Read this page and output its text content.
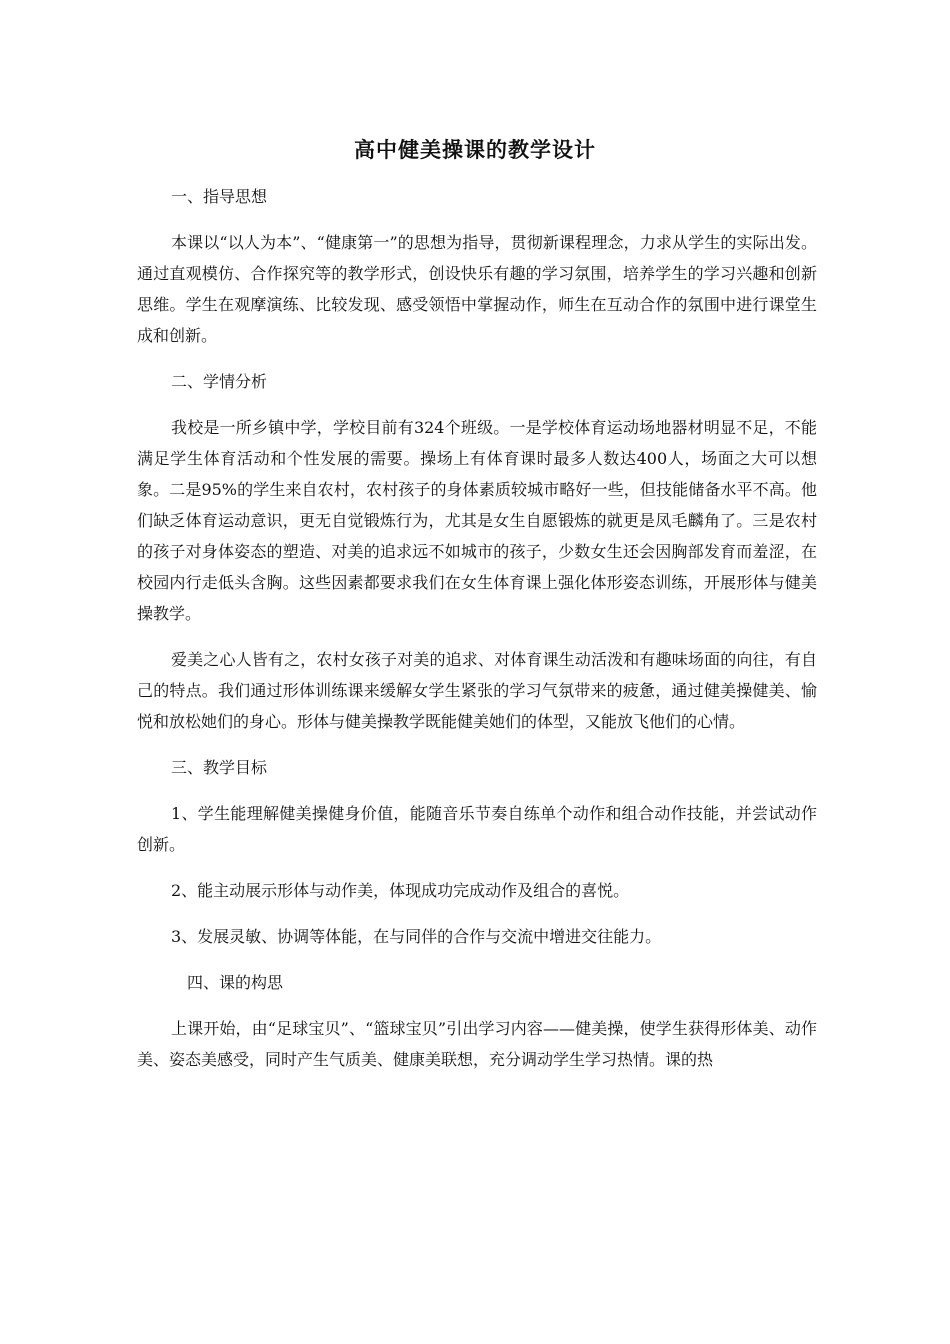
高中健美操课的教学设计
一、指导思想
本课以“以人为本”、“健康第一”的思想为指导，贯彻新课程理念，力求从学生的实际出发。通过直观模仿、合作探究等的教学形式，创设快乐有趣的学习氛围，培养学生的学习兴趣和创新思维。学生在观摩演练、比较发现、感受领悟中掌握动作，师生在互动合作的氛围中进行课堂生成和创新。
二、学情分析
我校是一所乡镇中学，学校目前有324个班级。一是学校体育运动场地器材明显不足，不能满足学生体育活动和个性发展的需要。操场上有体育课时最多人数达400人，场面之大可以想象。二是95%的学生来自农村，农村孩子的身体素质较城市略好一些，但技能储备水平不高。他们缺乏体育运动意识，更无自觉锻炼行为，尤其是女生自愿锻炼的就更是凤毛麟角了。三是农村的孩子对身体姿态的塑造、对美的追求远不如城市的孩子，少数女生还会因胸部发育而羞涩，在校园内行走低头含胸。这些因素都要求我们在女生体育课上强化体形姿态训练，开展形体与健美操教学。
爱美之心人皆有之，农村女孩子对美的追求、对体育课生动活泼和有趣味场面的向往，有自己的特点。我们通过形体训练课来缓解女学生紧张的学习气氛带来的疲惫，通过健美操健美、愉悦和放松她们的身心。形体与健美操教学既能健美她们的体型，又能放飞他们的心情。
三、教学目标
1、学生能理解健美操健身价值，能随音乐节奏自练单个动作和组合动作技能，并尝试动作创新。
2、能主动展示形体与动作美，体现成功完成动作及组合的喜悦。
3、发展灵敏、协调等体能，在与同伴的合作与交流中增进交往能力。
四、课的构思
上课开始，由“足球宝贝”、“篮球宝贝”引出学习内容——健美操，使学生获得形体美、动作美、姿态美感受，同时产生气质美、健康美联想，充分调动学生学习热情。课的热
